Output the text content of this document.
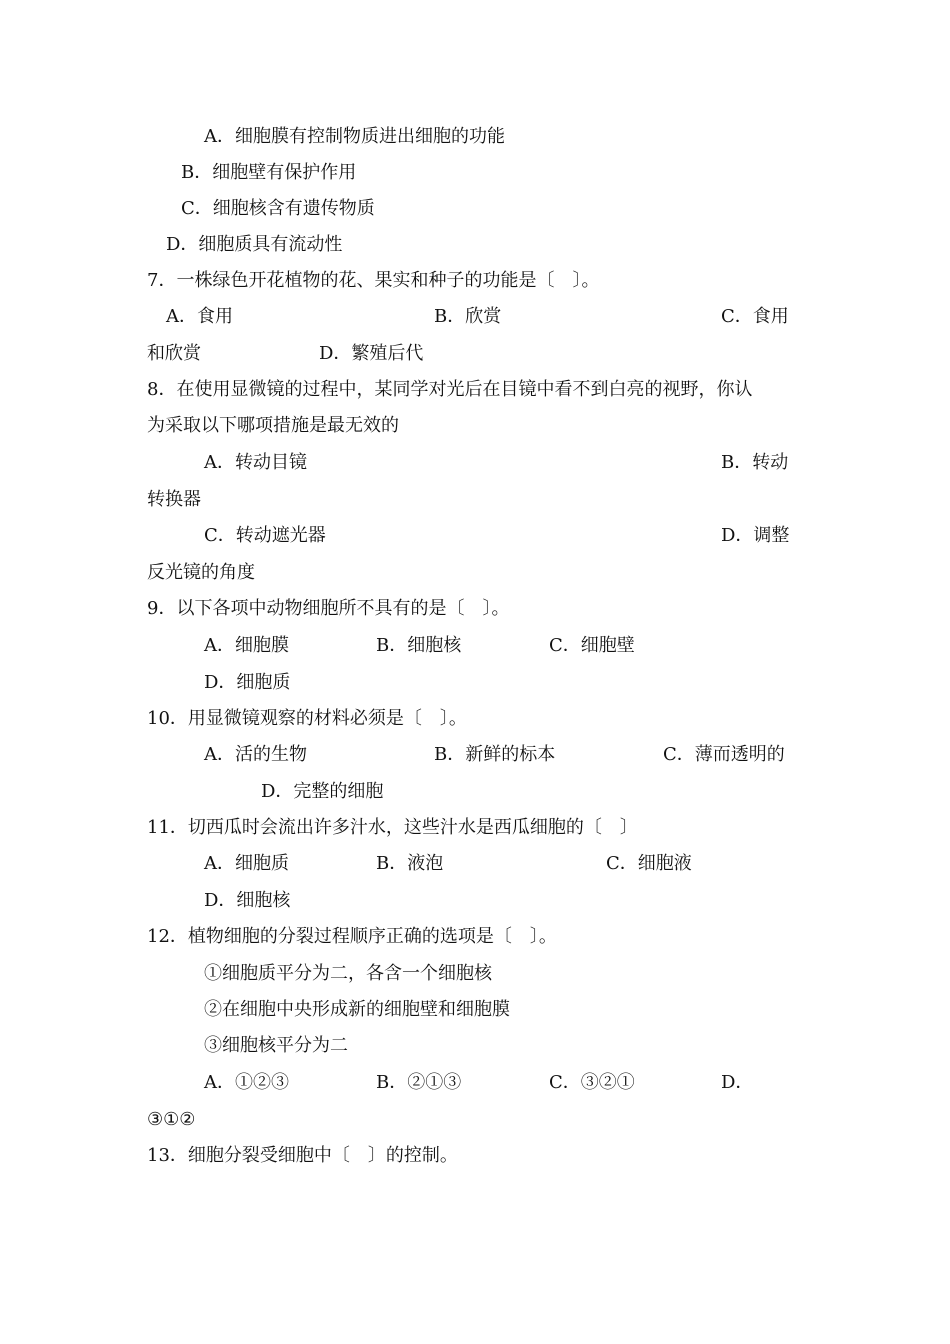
A．细胞膜有控制物质进出细胞的功能
B．细胞壁有保护作用
C．细胞核含有遗传物质
D．细胞质具有流动性
7．一株绿色开花植物的花、果实和种子的功能是〔　〕。
A．食用	B．欣赏	C．食用
和欣赏	D．繁殖后代
8．在使用显微镜的过程中，某同学对光后在目镜中看不到白亮的视野，你认
为采取以下哪项措施是最无效的
A．转动目镜	B．转动
转换器
C．转动遮光器	D．调整
反光镜的角度
9．以下各项中动物细胞所不具有的是〔　〕。
A．细胞膜	B．细胞核	C．细胞壁
D．细胞质
10．用显微镜观察的材料必须是〔　〕。
A．活的生物	B．新鲜的标本	C．薄而透明的
D．完整的细胞
11．切西瓜时会流出许多汁水，这些汁水是西瓜细胞的〔　〕
A．细胞质	B．液泡	C．细胞液
D．细胞核
12．植物细胞的分裂过程顺序正确的选项是〔　〕。
①细胞质平分为二，各含一个细胞核
②在细胞中央形成新的细胞壁和细胞膜
③细胞核平分为二
A．①②③	B．②①③	C．③②①	D．
③①②
13．细胞分裂受细胞中〔　〕的控制。
